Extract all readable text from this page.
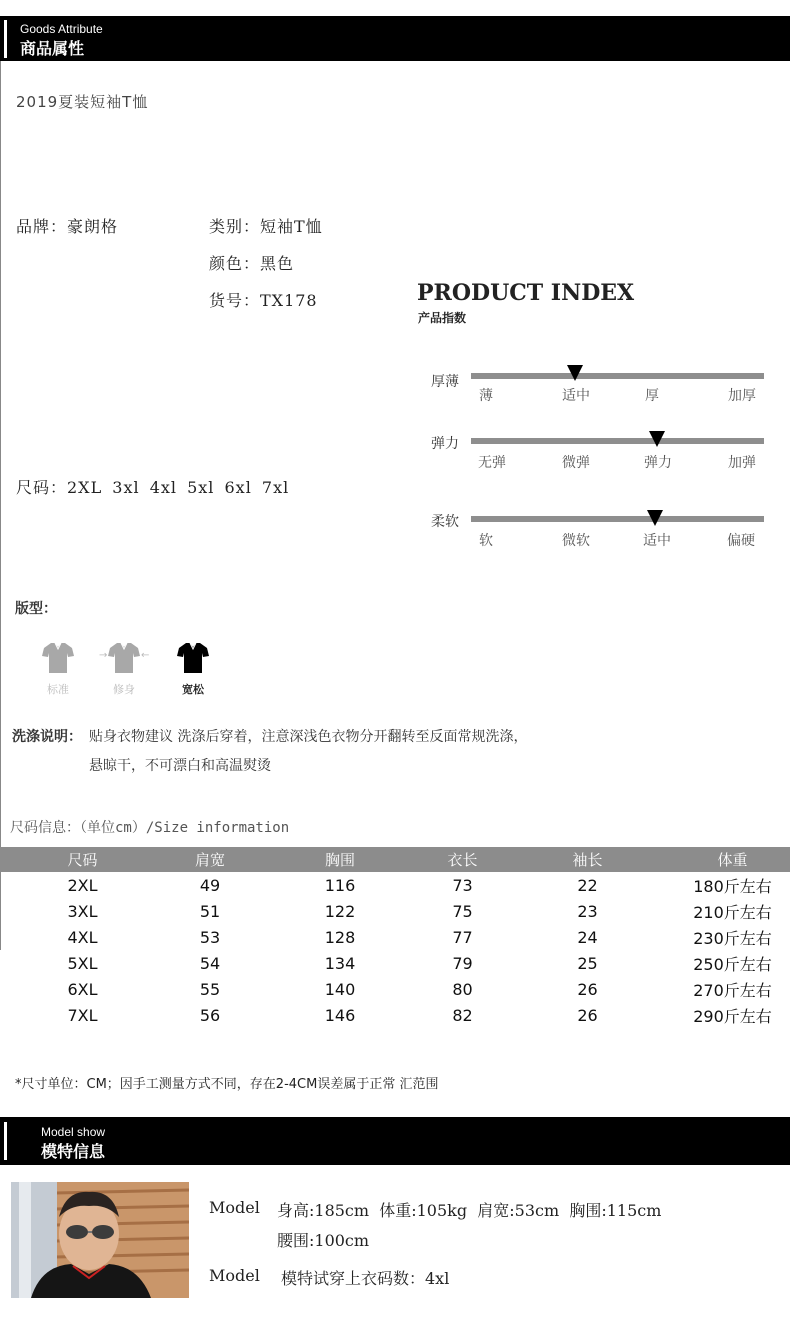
Goods Attribute
商品属性
2019夏装短袖T恤
品牌：豪朗格	类别：短袖T恤
颜色：黑色
货号：TX178
尺码：2XL 3xl 4xl 5xl 6xl 7xl
PRODUCT INDEX
产品指数
厚薄
薄	适中	厚	加厚
弹力
无弹	微弹	弹力	加弹
柔软
软	微软	适中	偏硬
版型：
标准
→	←
修身	宽松
洗涤说明： 贴身衣物建议 洗涤后穿着，注意深浅色衣物分开翻转至反面常规洗涤，
悬晾干，不可漂白和高温熨烫
尺码信息：（单位cm）/Size information
尺码	肩宽	胸围	衣长	袖长	体重
2XL	49	116	73	22	180斤左右
3XL	51	122	75	23	210斤左右
4XL	53	128	77	24	230斤左右
5XL	54	134	79	25	250斤左右
6XL	55	140	80	26	270斤左右
7XL	56	146	82	26	290斤左右
*尺寸单位：CM；因手工测量方式不同，存在2-4CM误差属于正常 汇范围
Model show
模特信息
Model 身高:185cm  体重:105kg  肩宽:53cm  胸围:115cm
腰围:100cm
Model 模特试穿上衣码数：4xl
